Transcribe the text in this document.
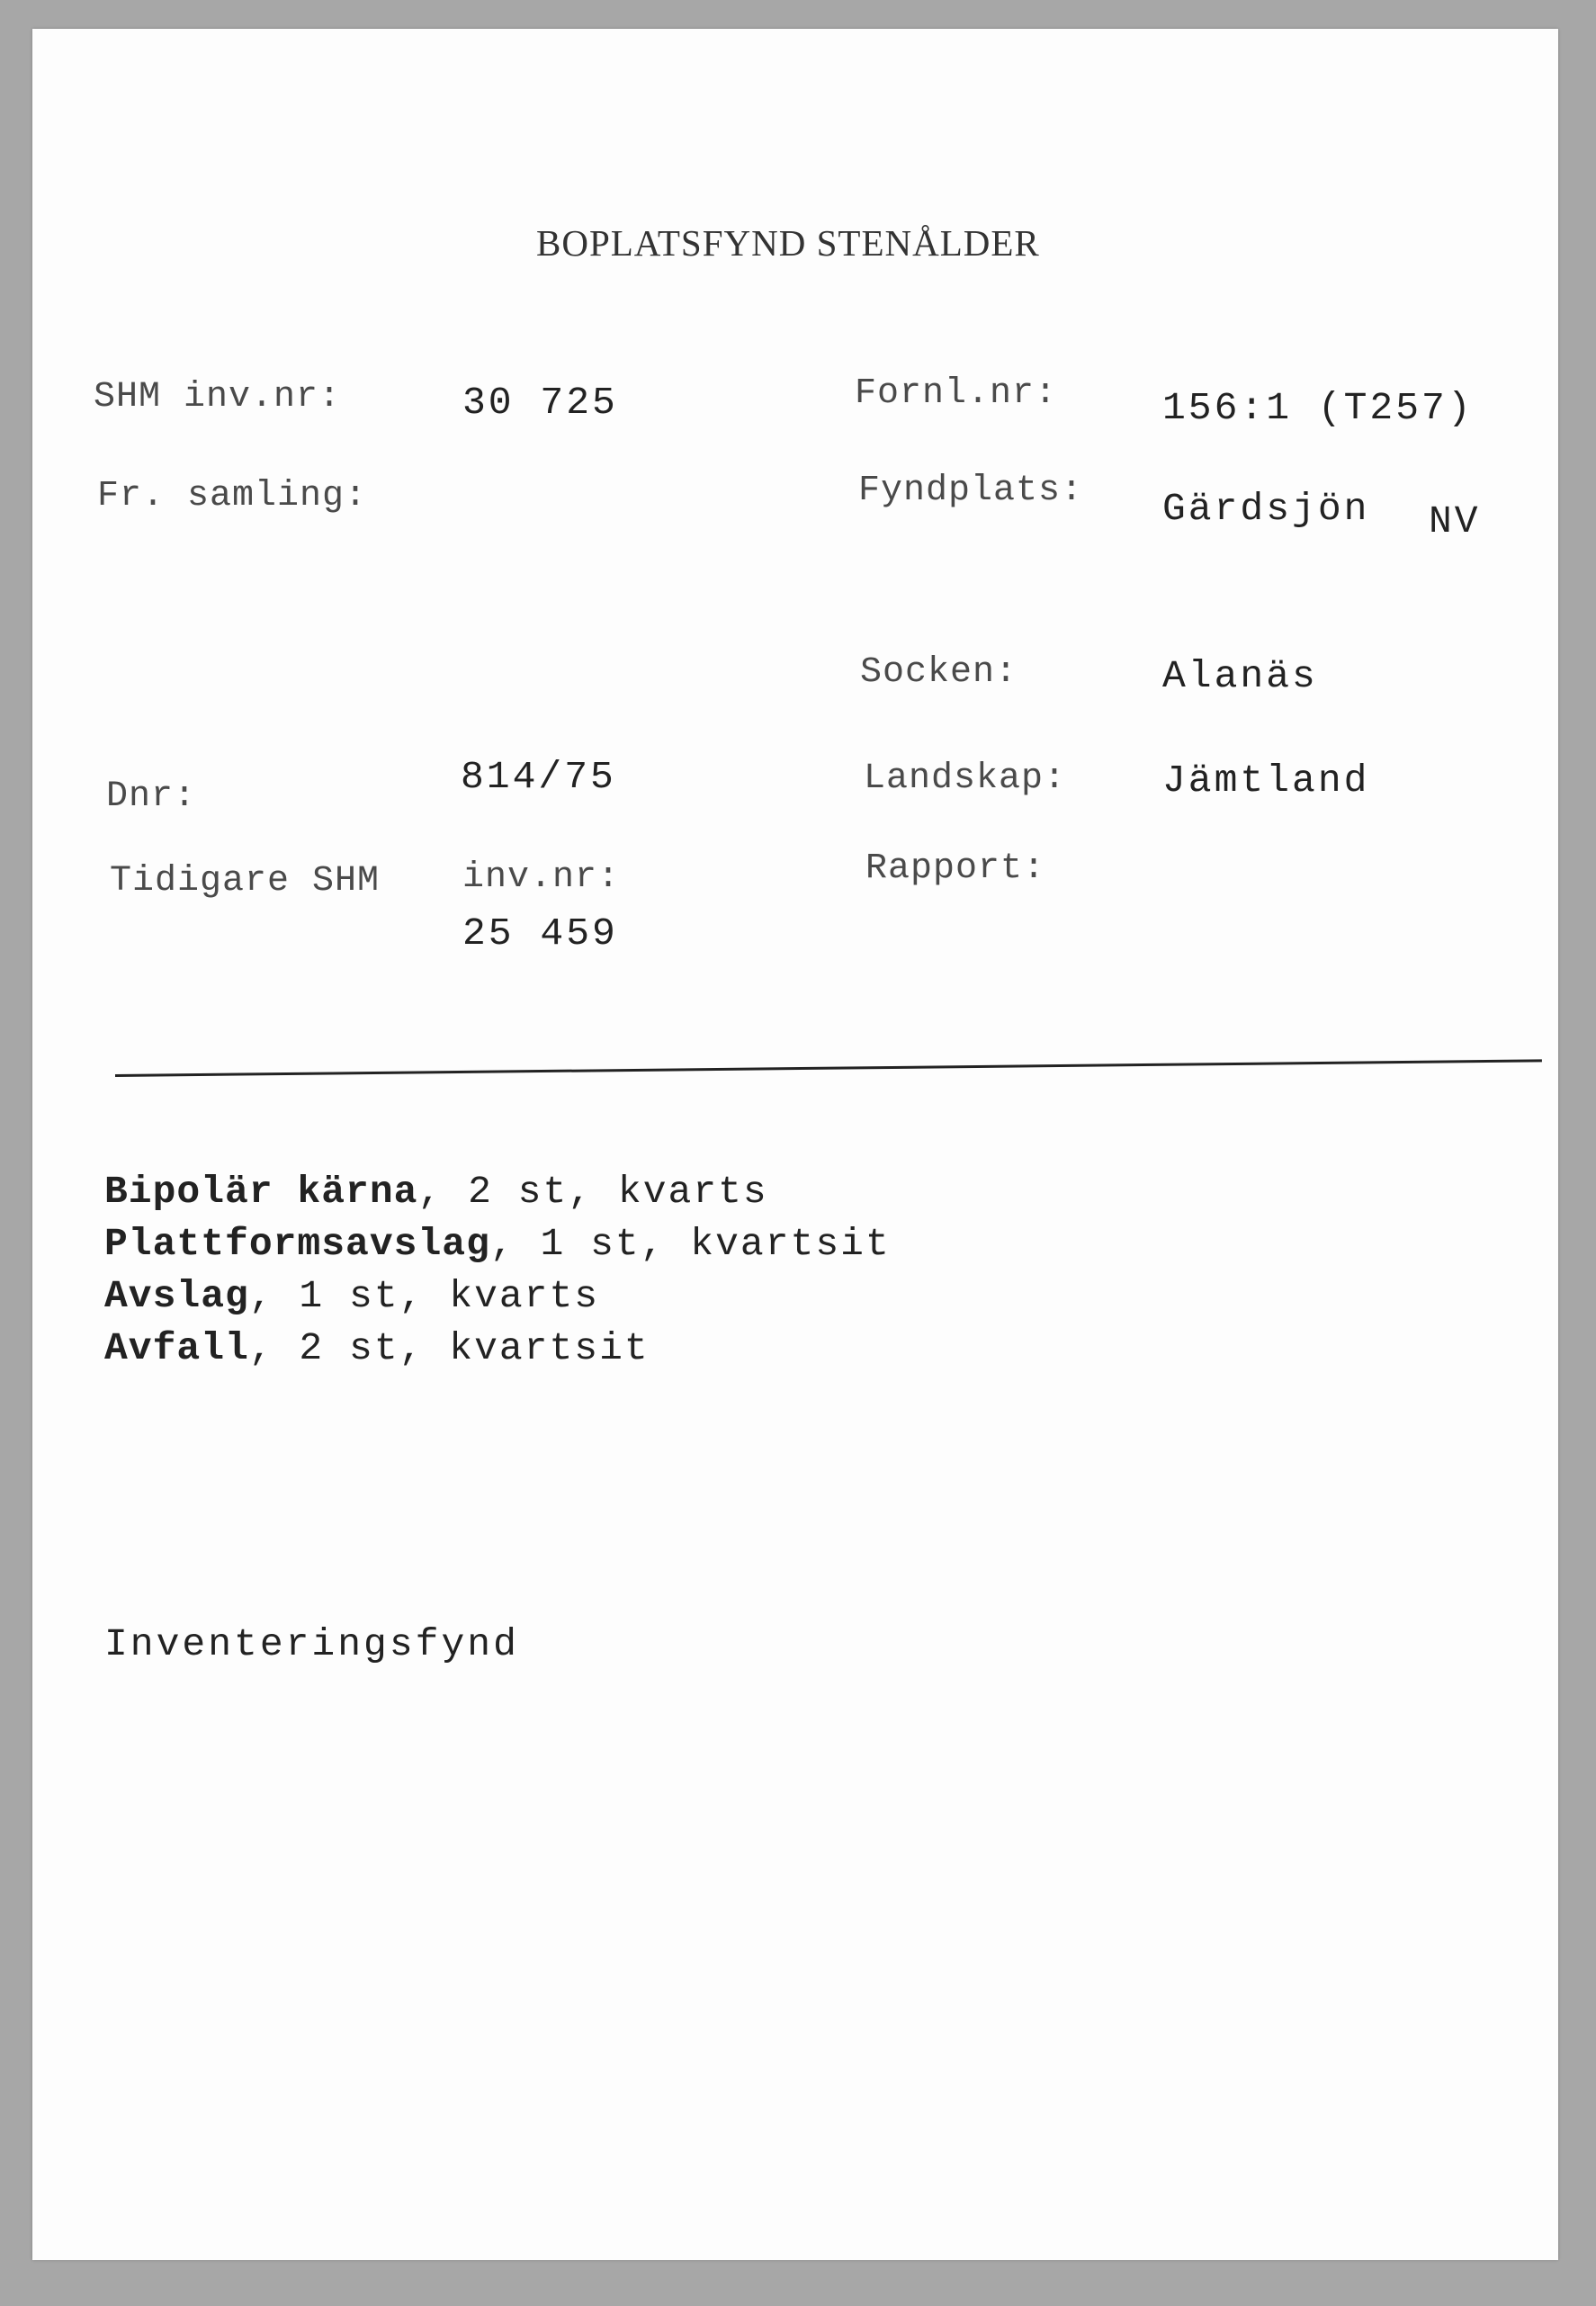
BOPLATSFYND STENÅLDER
SHM inv.nr:	30 725
Fr. samling:
Dnr:	814/75
Tidigare SHM inv.nr:
25 459
Fornl.nr:	156:1 (T257)
Fyndplats: Gärdsjön NV
Socken:	Alanäs
Landskap: Jämtland
Rapport:
Bipolär kärna, 2 st, kvarts
Plattformsavslag, 1 st, kvartsit
Avslag, 1 st, kvarts
Avfall, 2 st, kvartsit
Inventeringsfynd
